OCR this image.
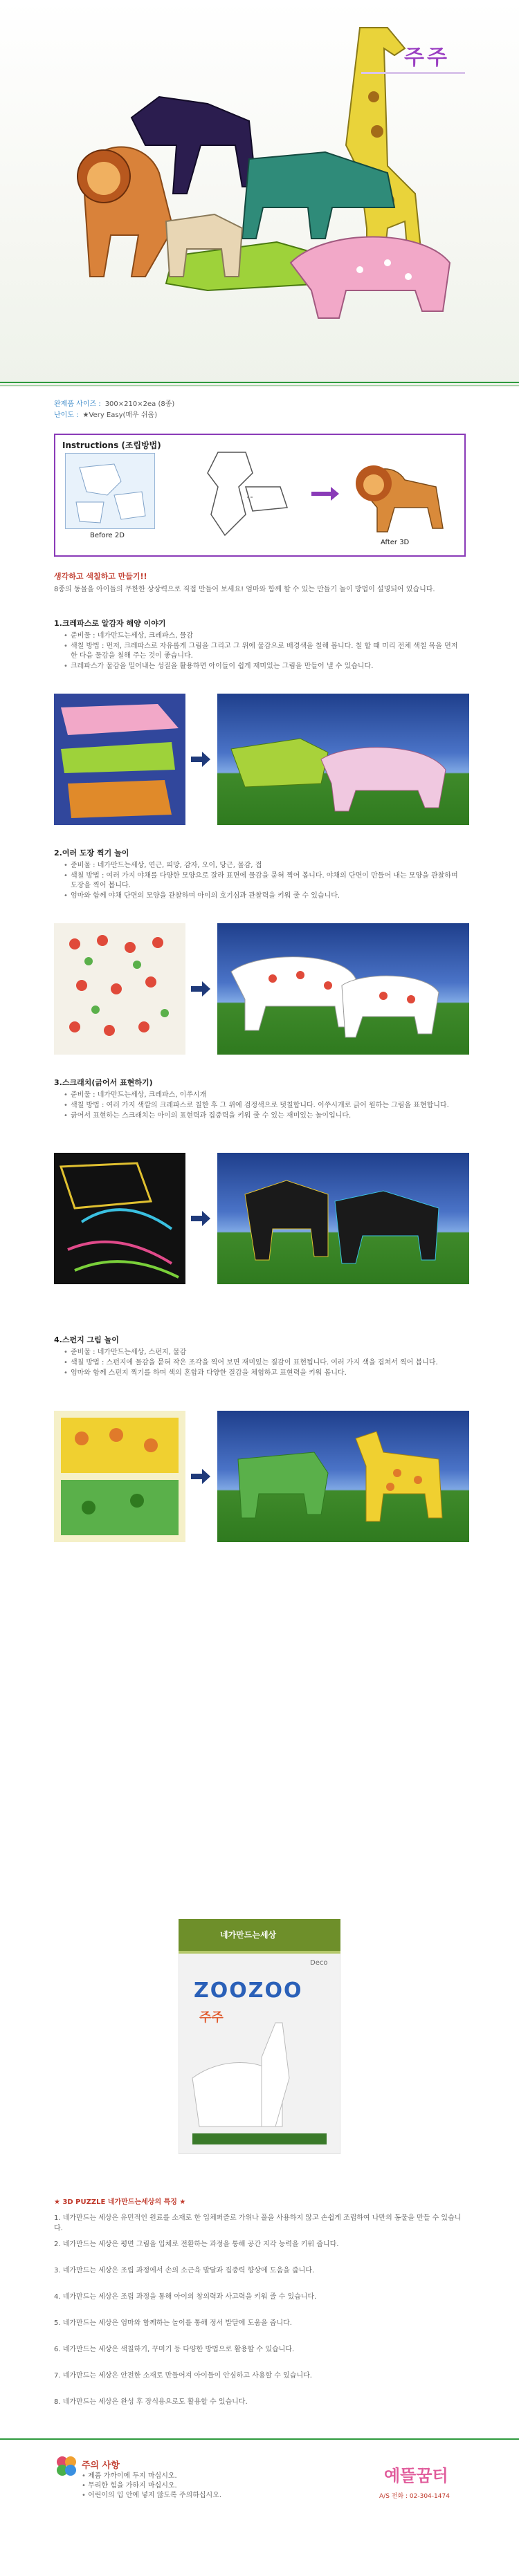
주주
완제품 사이즈 : 300×210×2ea (8종)
난이도 : ★Very Easy(매우 쉬움)
Instructions (조립방법)
Before 2D
After 3D
생각하고 색칠하고 만들기!!
8종의 동물을 아이들의 무한한 상상력으로 직접 만들어 보세요! 엄마와 함께 할 수 있는 만들기 놀이 방법이 설명되어 있습니다.
1.크레파스로 알감자 해양 이야기
• 준비물 : 네가만드는세상, 크레파스, 물감
• 색칠 방법 : 먼저, 크레파스로 자유롭게 그림을 그리고 그 위에 물감으로 배경색을 칠해 봅니다. 칠 할 때 미리 전체 색칠 목을 먼저 한 다음 물감을 칠해 주는 것이 좋습니다.
• 크레파스가 물감을 밀어내는 성질을 활용하면 아이들이 쉽게 재미있는 그림을 만들어 낼 수 있습니다.
2.여러 도장 찍기 놀이
• 준비물 : 네가만드는세상, 연근, 피망, 감자, 오이, 당근, 물감, 접
• 색칠 방법 : 여러 가지 야채를 다양한 모양으로 잘라 표면에 물감을 묻혀 찍어 봅니다. 야채의 단면이 만들어 내는 모양을 관찰하며 도장을 찍어 봅니다.
• 엄마와 함께 야채 단면의 모양을 관찰하며 아이의 호기심과 관찰력을 키워 줄 수 있습니다.
3.스크래치(긁어서 표현하기)
• 준비물 : 네가만드는세상, 크레파스, 이쑤시개
• 색칠 방법 : 여러 가지 색깔의 크레파스로 칠한 후 그 위에 검정색으로 덧칠합니다. 이쑤시개로 긁어 원하는 그림을 표현합니다.
• 긁어서 표현하는 스크래치는 아이의 표현력과 집중력을 키워 줄 수 있는 재미있는 놀이입니다.
4.스펀지 그림 놀이
• 준비물 : 네가만드는세상, 스펀지, 물감
• 색칠 방법 : 스펀지에 물감을 묻혀 작은 조각을 찍어 보면 재미있는 질감이 표현됩니다. 여러 가지 색을 겹쳐서 찍어 봅니다.
• 엄마와 함께 스펀지 찍기를 하며 색의 혼합과 다양한 질감을 체험하고 표현력을 키워 봅니다.
네가만드는세상
ZOOZOO
주주
Deco
★ 3D PUZZLE 네가만드는세상의 특징 ★
1. 네가만드는 세상은 유민적인 원료를 소재로 한 입체퍼즐로 가위나 풀을 사용하지 않고 손쉽게 조립하여 나만의 동물을 만들 수 있습니다.
2. 네가만드는 세상은 평면 그림을 입체로 전환하는 과정을 통해 공간 지각 능력을 키워 줍니다.
3. 네가만드는 세상은 조립 과정에서 손의 소근육 발달과 집중력 향상에 도움을 줍니다.
4. 네가만드는 세상은 조립 과정을 통해 아이의 창의력과 사고력을 키워 줄 수 있습니다.
5. 네가만드는 세상은 엄마와 함께하는 놀이를 통해 정서 발달에 도움을 줍니다.
6. 네가만드는 세상은 색칠하기, 꾸미기 등 다양한 방법으로 활용할 수 있습니다.
7. 네가만드는 세상은 안전한 소재로 만들어져 아이들이 안심하고 사용할 수 있습니다.
8. 네가만드는 세상은 완성 후 장식용으로도 활용할 수 있습니다.
주의 사항
• 제품 가까이에 두지 마십시오.
• 무리한 힘을 가하지 마십시오.
• 어린이의 입 안에 넣지 않도록 주의하십시오.
예뜰꿈터
A/S 전화 : 02-304-1474
